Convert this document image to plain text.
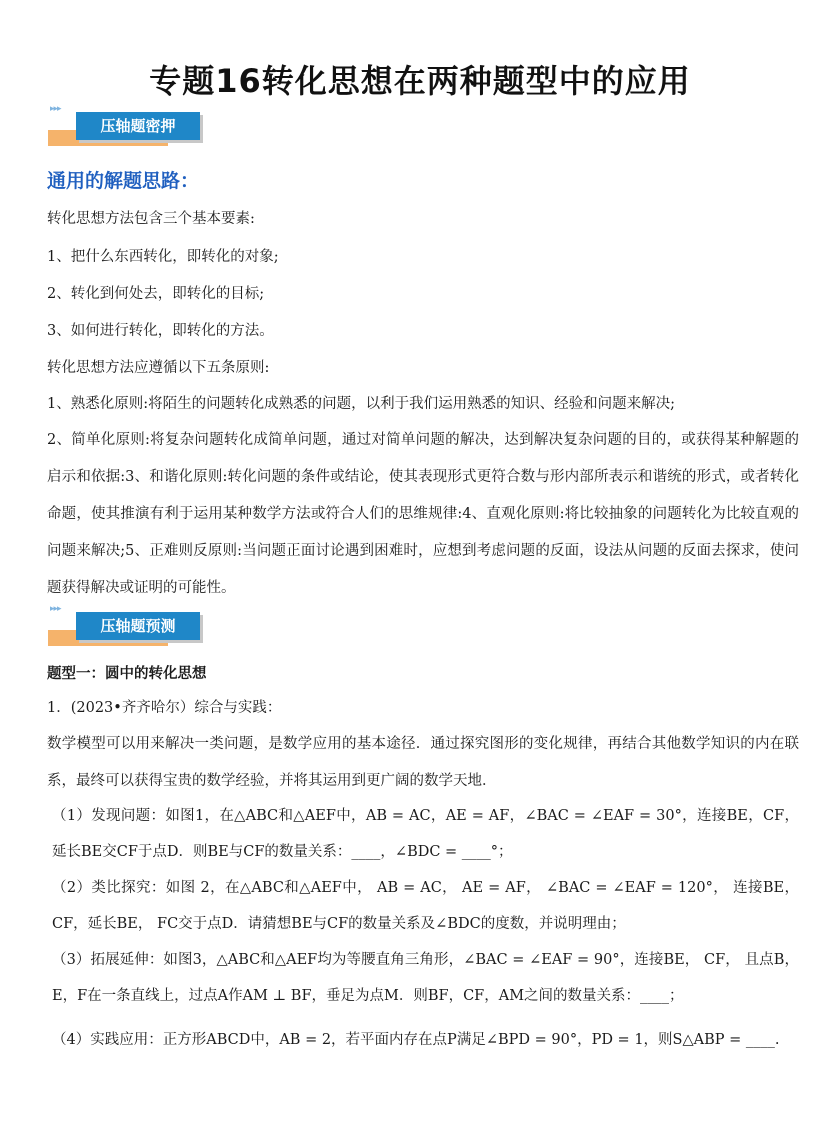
专题16转化思想在两种题型中的应用
▸▸▸
压轴题密押
通用的解题思路：
转化思想方法包含三个基本要素:
1、把什么东西转化，即转化的对象;
2、转化到何处去，即转化的目标;
3、如何进行转化，即转化的方法。
转化思想方法应遵循以下五条原则:
1、熟悉化原则:将陌生的问题转化成熟悉的问题，以利于我们运用熟悉的知识、经验和问题来解决;
2、简单化原则:将复杂问题转化成简单问题，通过对简单问题的解决，达到解决复杂问题的目的，或获得某种解题的启示和依据:3、和谐化原则:转化问题的条件或结论，使其表现形式更符合数与形内部所表示和谐统的形式，或者转化命题，使其推演有利于运用某种数学方法或符合人们的思维规律:4、直观化原则:将比较抽象的问题转化为比较直观的问题来解决;5、正难则反原则:当问题正面讨论遇到困难时，应想到考虑问题的反面，设法从问题的反面去探求，使问题获得解决或证明的可能性。
▸▸▸
压轴题预测
题型一：圆中的转化思想
1．(2023•齐齐哈尔）综合与实践：
数学模型可以用来解决一类问题，是数学应用的基本途径．通过探究图形的变化规律，再结合其他数学知识的内在联系，最终可以获得宝贵的数学经验，并将其运用到更广阔的数学天地．
（1）发现问题：如图1，在△ABC和△AEF中，AB = AC，AE = AF，∠BAC = ∠EAF = 30°，连接BE，CF，延长BE交CF于点D．则BE与CF的数量关系：____，∠BDC = ____°；
（2）类比探究：如图 2，在△ABC和△AEF中， AB = AC， AE = AF， ∠BAC = ∠EAF = 120°， 连接BE，CF，延长BE， FC交于点D．请猜想BE与CF的数量关系及∠BDC的度数，并说明理由；
（3）拓展延伸：如图3，△ABC和△AEF均为等腰直角三角形，∠BAC = ∠EAF = 90°，连接BE， CF， 且点B，E，F在一条直线上，过点A作AM ⊥ BF，垂足为点M．则BF，CF，AM之间的数量关系：____；
（4）实践应用：正方形ABCD中，AB = 2，若平面内存在点P满足∠BPD = 90°，PD = 1，则S△ABP = ____.
